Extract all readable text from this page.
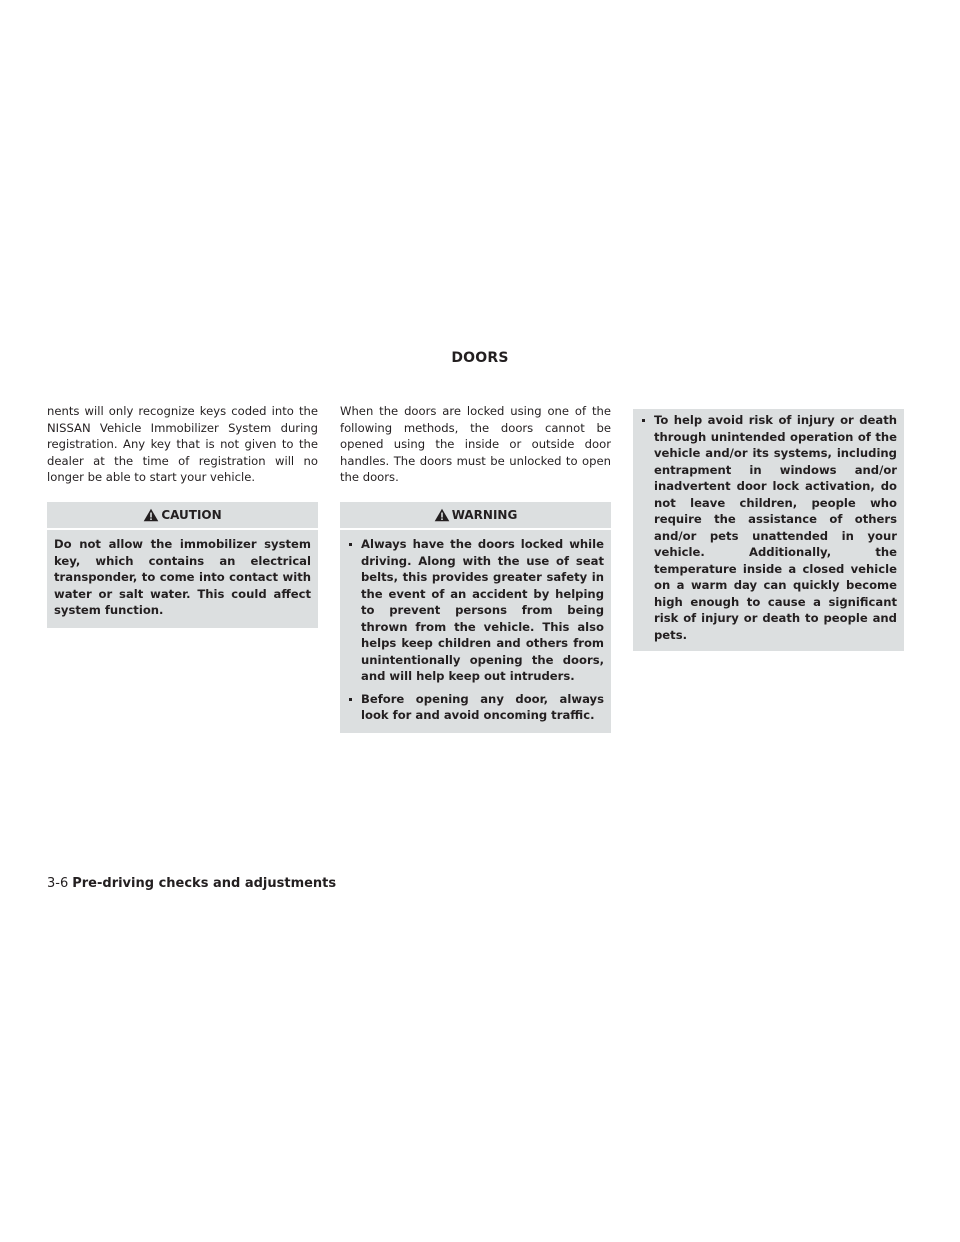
DOORS

nents will only recognize keys coded into the NISSAN Vehicle Immobilizer System during registration. Any key that is not given to the dealer at the time of registration will no longer be able to start your vehicle.

CAUTION
Do not allow the immobilizer system key, which contains an electrical transponder, to come into contact with water or salt water. This could affect system function.

When the doors are locked using one of the following methods, the doors cannot be opened using the inside or outside door handles. The doors must be unlocked to open the doors.

WARNING
Always have the doors locked while driving. Along with the use of seat belts, this provides greater safety in the event of an accident by helping to prevent persons from being thrown from the vehicle. This also helps keep children and others from unintentionally opening the doors, and will help keep out intruders.
Before opening any door, always look for and avoid oncoming traffic.
To help avoid risk of injury or death through unintended operation of the vehicle and/or its systems, including entrapment in windows and/or inadvertent door lock activation, do not leave children, people who require the assistance of others and/or pets unattended in your vehicle. Additionally, the temperature inside a closed vehicle on a warm day can quickly become high enough to cause a significant risk of injury or death to people and pets.
3-6 Pre-driving checks and adjustments
